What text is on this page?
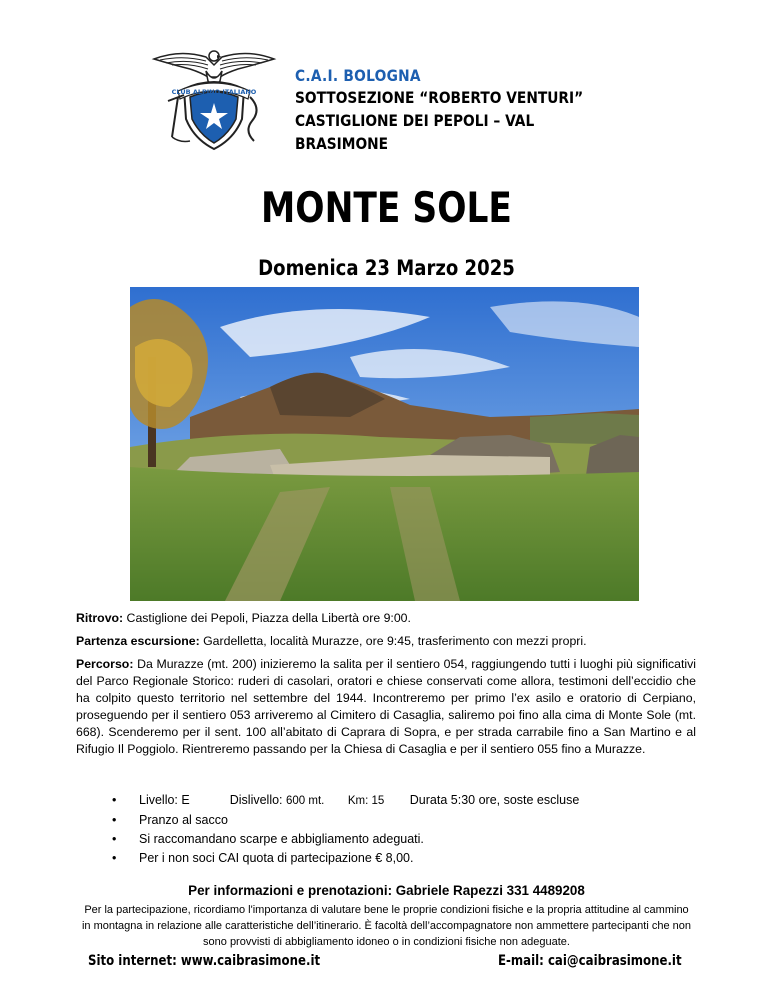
CLUB ALPINO ITALIANO
C.A.I. BOLOGNA
SOTTOSEZIONE “ROBERTO VENTURI”
CASTIGLIONE DEI PEPOLI – VAL BRASIMONE
MONTE SOLE
Domenica 23 Marzo 2025

Ritrovo: Castiglione dei Pepoli, Piazza della Libertà ore 9:00.

Partenza escursione: Gardelletta, località Murazze, ore 9:45, trasferimento con mezzi propri.

Percorso: Da Murazze (mt. 200) inizieremo la salita per il sentiero 054, raggiungendo tutti i luoghi più significativi del Parco Regionale Storico: ruderi di casolari, oratori e chiese conservati come allora, testimoni dell’eccidio che ha colpito questo territorio nel settembre del 1944. Incontreremo per primo l’ex asilo e oratorio di Cerpiano, proseguendo per il sentiero 053 arriveremo al Cimitero di Casaglia, saliremo poi fino alla cima di Monte Sole (mt. 668). Scenderemo per il sent. 100 all’abitato di Caprara di Sopra, e per strada carrabile fino a San Martino e al Rifugio Il Poggiolo. Rientreremo passando per la Chiesa di Casaglia e per il sentiero 055 fino a Murazze.

• Livello: E	Dislivello: 600 mt. Km: 15 Durata 5:30 ore, soste escluse
• Pranzo al sacco
• Si raccomandano scarpe e abbigliamento adeguati.
• Per i non soci CAI quota di partecipazione € 8,00.
Per informazioni e prenotazioni: Gabriele Rapezzi 331 4489208
Per la partecipazione, ricordiamo l'importanza di valutare bene le proprie condizioni fisiche e la propria attitudine al cammino in montagna in relazione alle caratteristiche dell’itinerario. È facoltà dell’accompagnatore non ammettere partecipanti che non sono provvisti di abbigliamento idoneo o in condizioni fisiche non adeguate.
Sito internet: www.caibrasimone.it	E-mail: cai@caibrasimone.it
